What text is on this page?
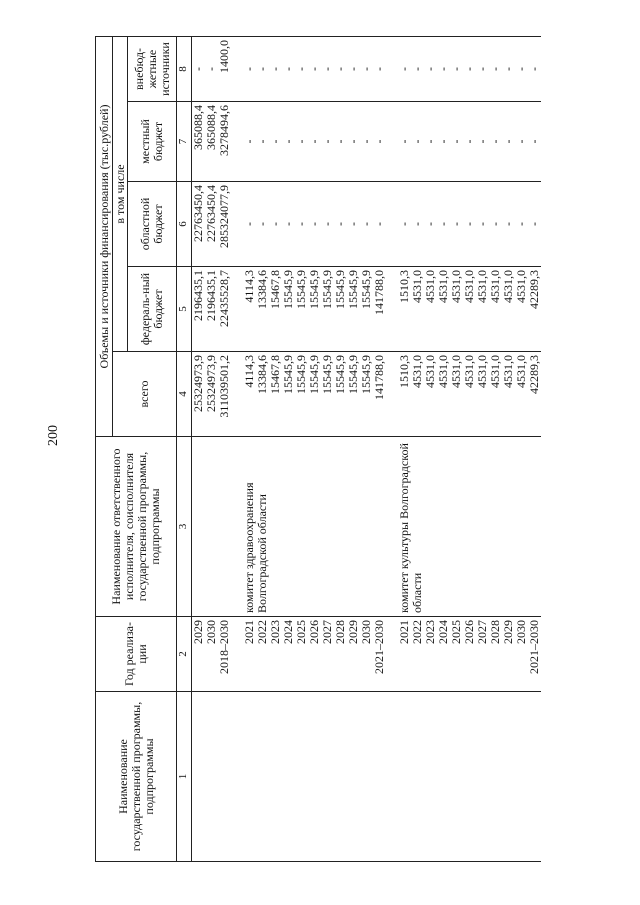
200
Наименование государственной программы, подпрограммы	Год реализа-ции	Наименование ответственного исполнителя, соисполнителя государственной программы, подпрограммы	Объемы и источники финансирования (тыс.рублей)				
			всего	в том числе			
				федераль-ный бюджет	областной бюджет	местный бюджет	внебюд-жетные источники
1	2	3	4	5	6	7	8
	2029		25324973,9	2196435,1	22763450,4	365088,4	-
	2030		25324973,9	2196435,1	22763450,4	365088,4	-
	2018–2030		311039501,2	22435528,7	285324077,9	3278494,6	1400,0

	2021	комитет здравоохранения Волгоградской области	4114,3	4114,3	-	-	-
	2022		13384,6	13384,6	-	-	-
	2023		15467,8	15467,8	-	-	-
	2024		15545,9	15545,9	-	-	-
	2025		15545,9	15545,9	-	-	-
	2026		15545,9	15545,9	-	-	-
	2027		15545,9	15545,9	-	-	-
	2028		15545,9	15545,9	-	-	-
	2029		15545,9	15545,9	-	-	-
	2030		15545,9	15545,9	-	-	-
	2021–2030		141788,0	141788,0	-	-	-

	2021	комитет культуры Волгоградской области	1510,3	1510,3	-	-	-
	2022		4531,0	4531,0	-	-	-
	2023		4531,0	4531,0	-	-	-
	2024		4531,0	4531,0	-	-	-
	2025		4531,0	4531,0	-	-	-
	2026		4531,0	4531,0	-	-	-
	2027		4531,0	4531,0	-	-	-
	2028		4531,0	4531,0	-	-	-
	2029		4531,0	4531,0	-	-	-
	2030		4531,0	4531,0	-	-	-
	2021–2030		42289,3	42289,3	-	-	-
